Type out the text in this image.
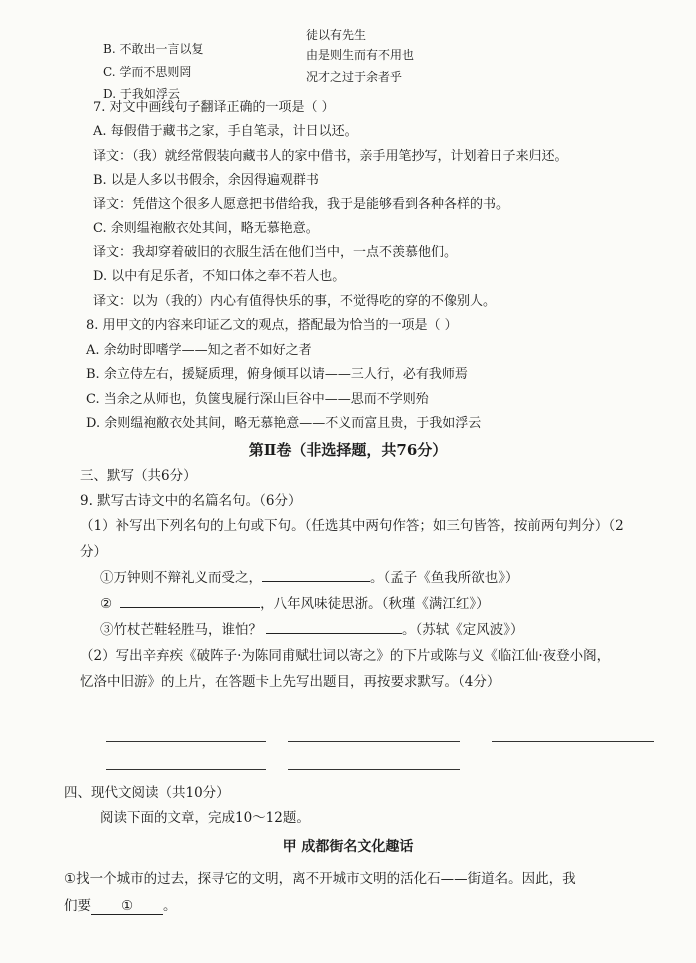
B. 不敢出一言以复
C. 学而不思则罔
D. 于我如浮云
徒以有先生
由是则生而有不用也
况才之过于余者乎
7. 对文中画线句子翻译正确的一项是（ ）
A. 每假借于藏书之家，手自笔录，计日以还。
译文：（我）就经常假装向藏书人的家中借书，亲手用笔抄写，计划着日子来归还。
B. 以是人多以书假余，余因得遍观群书
译文：凭借这个很多人愿意把书借给我，我于是能够看到各种各样的书。
C. 余则缊袍敝衣处其间，略无慕艳意。
译文：我却穿着破旧的衣服生活在他们当中，一点不羡慕他们。
D. 以中有足乐者，不知口体之奉不若人也。
译文：以为（我的）内心有值得快乐的事，不觉得吃的穿的不像别人。
8. 用甲文的内容来印证乙文的观点，搭配最为恰当的一项是（ ）
A. 余幼时即嗜学——知之者不如好之者
B. 余立侍左右，援疑质理，俯身倾耳以请——三人行，必有我师焉
C. 当余之从师也，负箧曳屣行深山巨谷中——思而不学则殆
D. 余则缊袍敝衣处其间，略无慕艳意——不义而富且贵，于我如浮云
第Ⅱ卷（非选择题，共76分）
三、默写（共6分）
9. 默写古诗文中的名篇名句。（6分）
（1）补写出下列名句的上句或下句。（任选其中两句作答；如三句皆答，按前两句判分）（2
分）
①万钟则不辩礼义而受之，	。（孟子《鱼我所欲也》）
②	，八年风味徒思浙。（秋瑾《满江红》）
③竹杖芒鞋轻胜马，谁怕？	。（苏轼《定风波》）
（2）写出辛弃疾《破阵子·为陈同甫赋壮词以寄之》的下片或陈与义《临江仙·夜登小阁，
忆洛中旧游》的上片，在答题卡上先写出题目，再按要求默写。（4分）
四、现代文阅读（共10分）
阅读下面的文章，完成10～12题。
甲 成都街名文化趣话
①找一个城市的过去，探寻它的文明，离不开城市文明的活化石——街道名。因此，我
们要 ① 。
